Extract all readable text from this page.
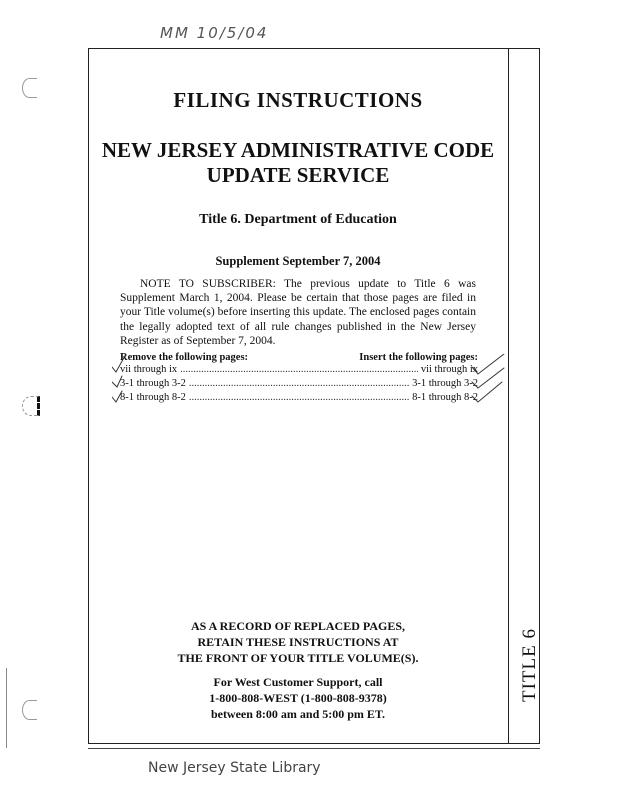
MM 10/5/04
TITLE 6
FILING INSTRUCTIONS
NEW JERSEY ADMINISTRATIVE CODE
UPDATE SERVICE
Title 6. Department of Education
Supplement September 7, 2004
NOTE TO SUBSCRIBER: The previous update to Title 6 was Supplement March 1, 2004. Please be certain that those pages are filed in your Title volume(s) before inserting this update. The enclosed pages contain the legally adopted text of all rule changes published in the New Jersey Register as of September 7, 2004.
Remove the following pages:	Insert the following pages:
vii through ix .....	vii through ix
3-1 through 3-2 .....	3-1 through 3-2
8-1 through 8-2 .....	8-1 through 8-2
AS A RECORD OF REPLACED PAGES,
RETAIN THESE INSTRUCTIONS AT
THE FRONT OF YOUR TITLE VOLUME(S).
For West Customer Support, call
1-800-808-WEST (1-800-808-9378)
between 8:00 am and 5:00 pm ET.
New Jersey State Library
